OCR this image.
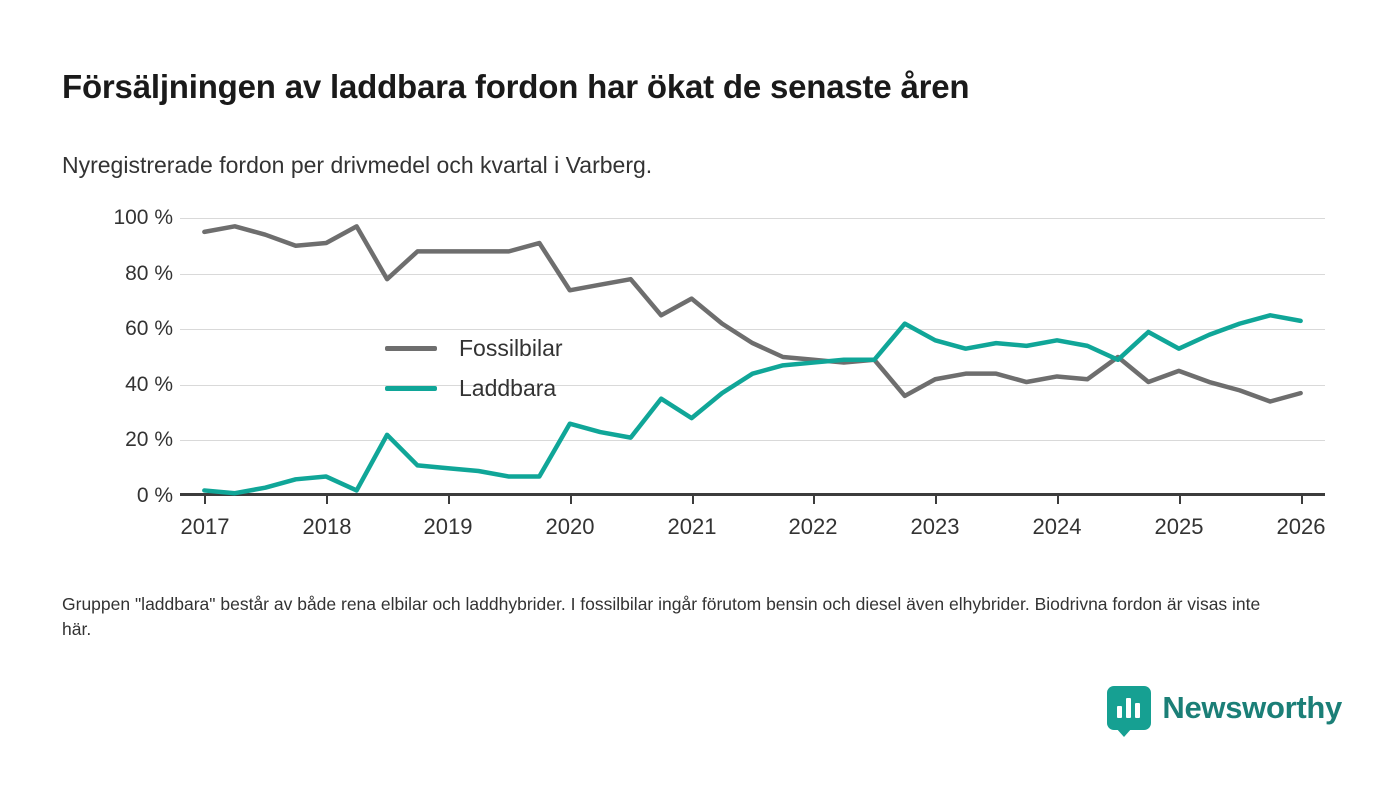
Försäljningen av laddbara fordon har ökat de senaste åren
Nyregistrerade fordon per drivmedel och kvartal i Varberg.
100 %
80 %
60 %
40 %
20 %
0 %
2017	2018	2019	2020	2021	2022	2023	2024	2025	2026
Fossilbilar
Laddbara
Gruppen "laddbara" består av både rena elbilar och laddhybrider. I fossilbilar ingår förutom bensin och diesel även elhybrider. Biodrivna fordon är visas inte här.
Newsworthy
